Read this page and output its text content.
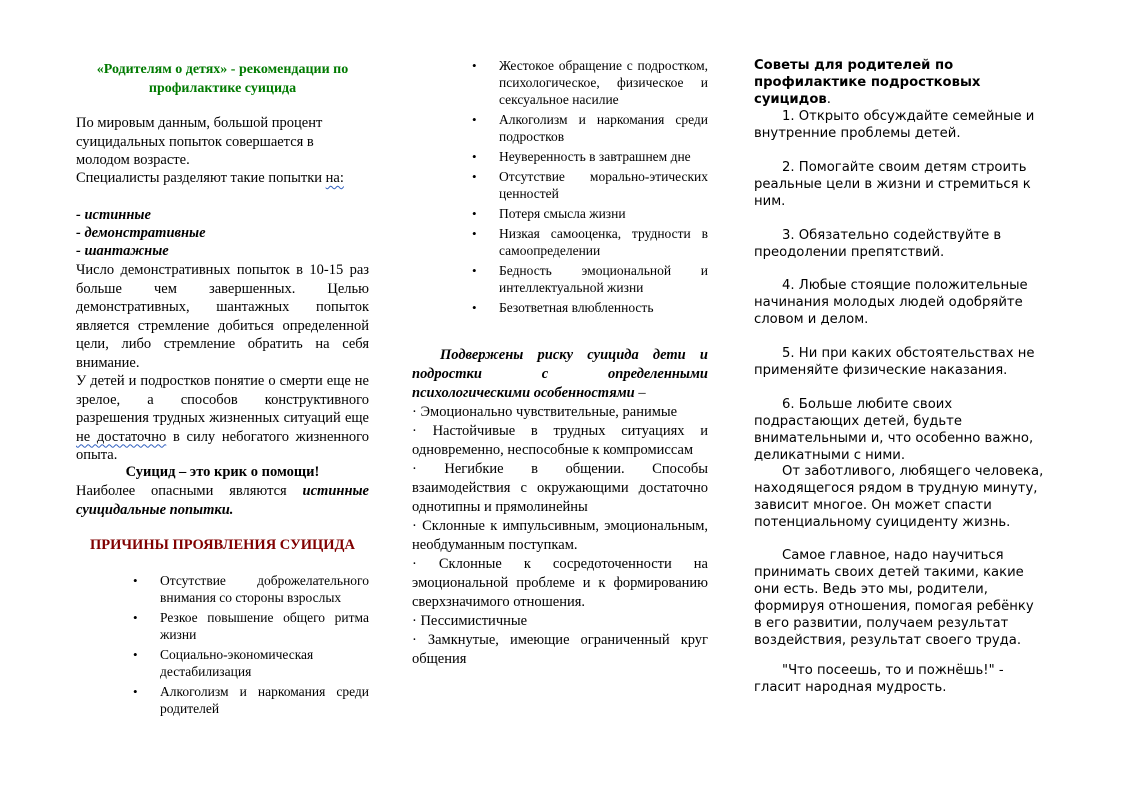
«Родителям о детях» - рекомендации по профилактике суицида

По мировым данным, большой процент суицидальных попыток совершается в молодом возрасте.

Специалисты разделяют такие попытки на:

- истинные

- демонстративные

- шантажные

Число демонстративных попыток в 10-15 раз больше чем завершенных. Целью демонстративных, шантажных попыток является стремление добиться определенной цели, либо стремление обратить на себя внимание.

У детей и подростков понятие о смерти еще не зрелое, а способов конструктивного разрешения трудных жизненных ситуаций еще не достаточно в силу небогатого жизненного опыта.

Суицид – это крик о помощи!

Наиболее опасными являются истинные суицидальные попытки.

ПРИЧИНЫ ПРОЯВЛЕНИЯ СУИЦИДА

• Отсутствие доброжелательного внимания со стороны взрослых
• Резкое повышение общего ритма жизни
• Социально-экономическая дестабилизация
• Алкоголизм и наркомания среди родителей
• Жестокое обращение с подростком, психологическое, физическое и сексуальное насилие
• Алкоголизм и наркомания среди подростков
• Неуверенность в завтрашнем дне
• Отсутствие морально-этических ценностей
• Потеря смысла жизни
• Низкая самооценка, трудности в самоопределении
• Бедность эмоциональной и интеллектуальной жизни
• Безответная влюбленность

Подвержены риску суицида дети и подростки с определенными психологическими особенностями –

· Эмоционально чувствительные, ранимые

· Настойчивые в трудных ситуациях и одновременно, неспособные к компромиссам

· Негибкие в общении. Способы взаимодействия с окружающими достаточно однотипны и прямолинейны

· Склонные к импульсивным, эмоциональным, необдуманным поступкам.

· Склонные к сосредоточенности на эмоциональной проблеме и к формированию сверхзначимого отношения.

· Пессимистичные

· Замкнутые, имеющие ограниченный круг общения

Советы для родителей по профилактике подростковых суицидов.

1. Открыто обсуждайте семейные и внутренние проблемы детей.

2. Помогайте своим детям строить реальные цели в жизни и стремиться к ним.

3. Обязательно содействуйте в преодолении препятствий.

4. Любые стоящие положительные начинания молодых людей одобряйте словом и делом.

5. Ни при каких обстоятельствах не применяйте физические наказания.

6. Больше любите своих подрастающих детей, будьте внимательными и, что особенно важно, деликатными с ними.

От заботливого, любящего человека, находящегося рядом в трудную минуту, зависит многое. Он может спасти потенциальному суициденту жизнь.

Самое главное, надо научиться принимать своих детей такими, какие они есть. Ведь это мы, родители, формируя отношения, помогая ребёнку в его развитии, получаем результат воздействия, результат своего труда.

"Что посеешь, то и пожнёшь!" - гласит народная мудрость.
